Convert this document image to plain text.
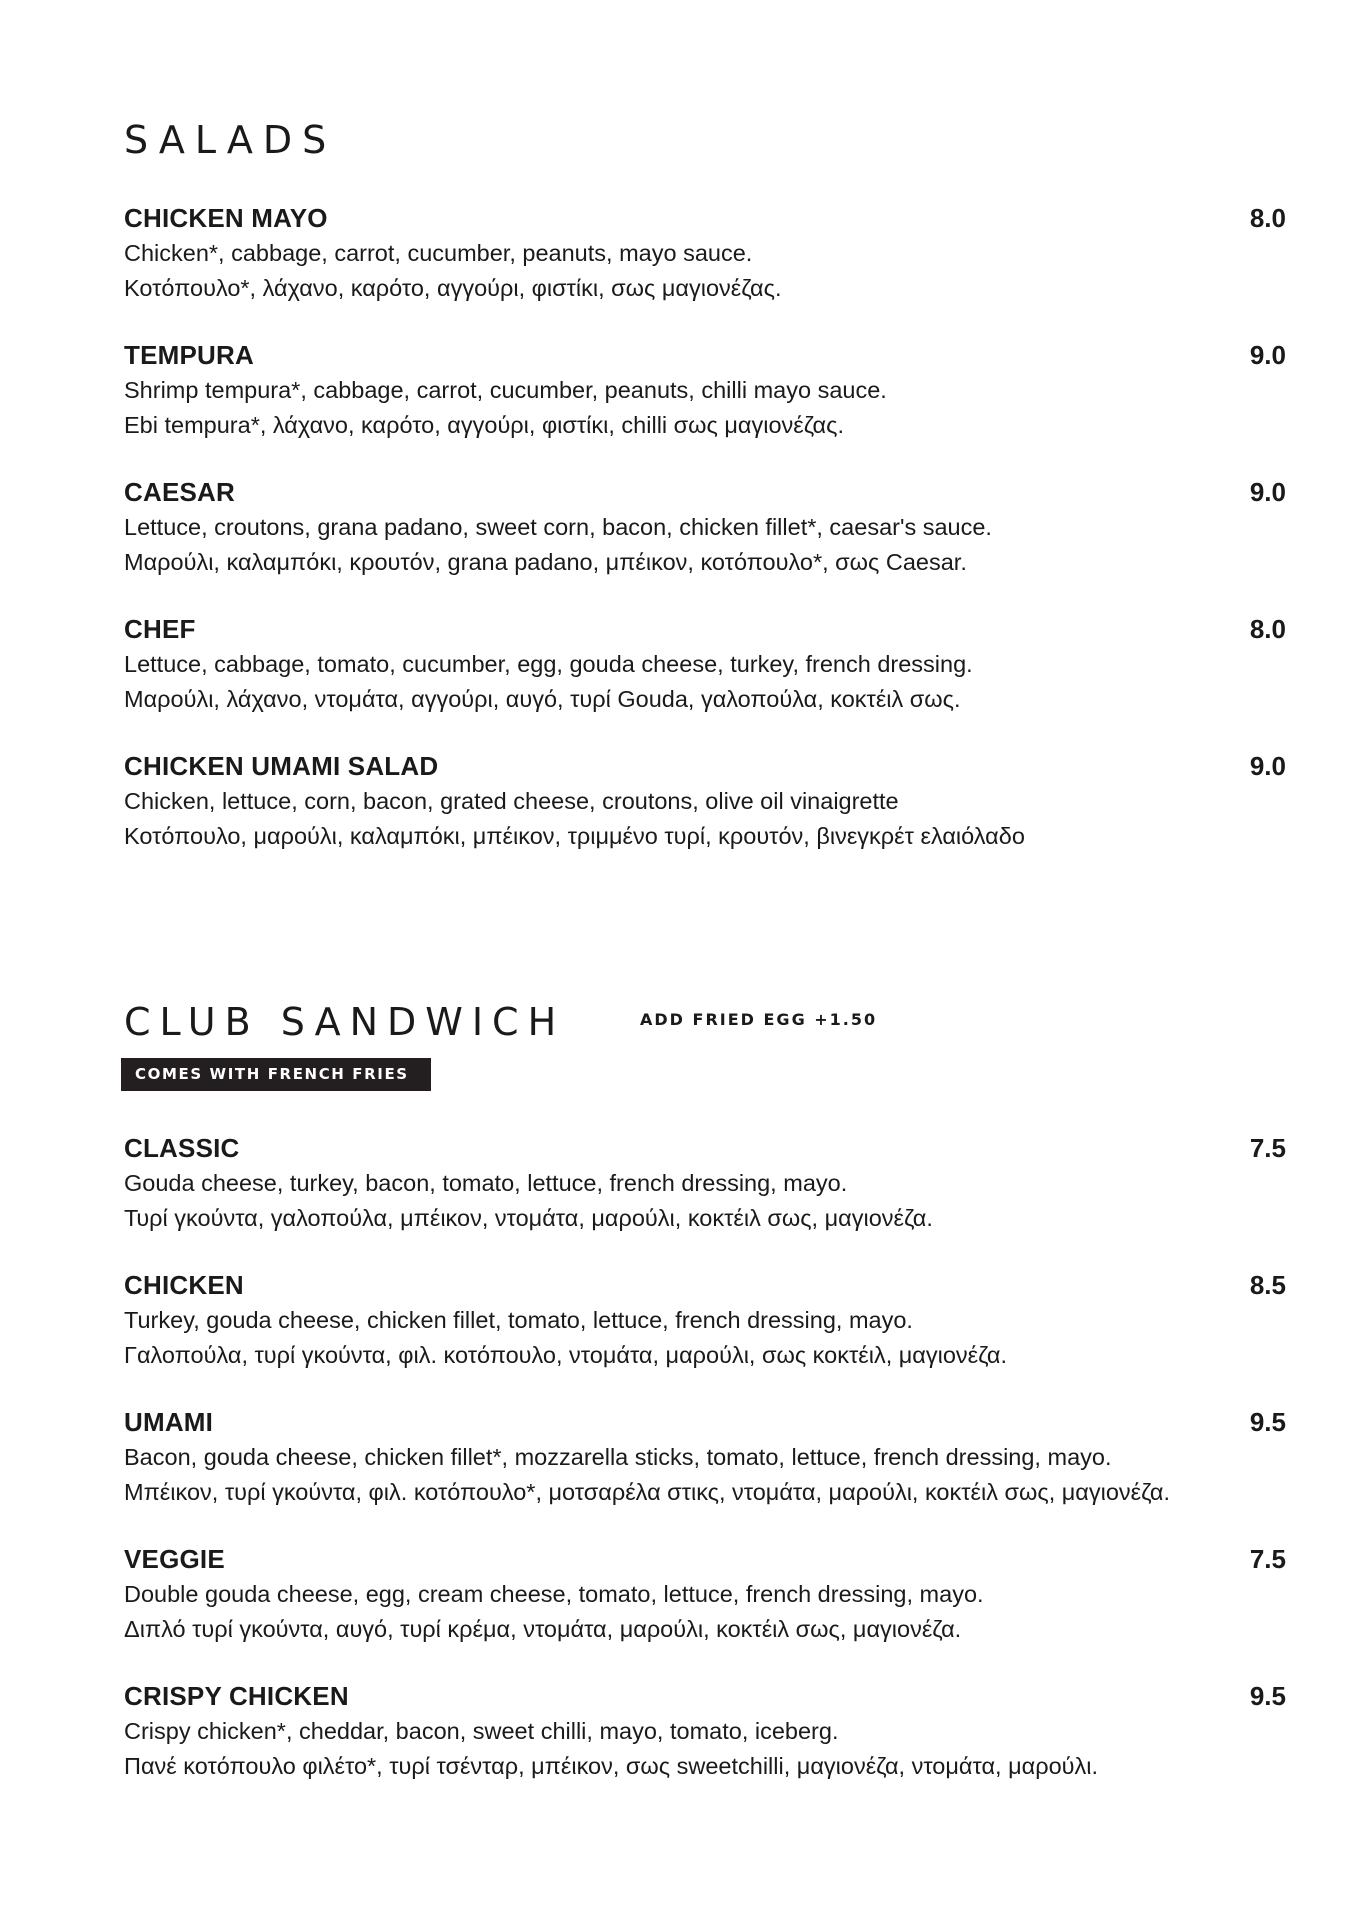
SALADS
CHICKEN MAYO	8.0
Chicken*, cabbage, carrot, cucumber, peanuts, mayo sauce.
Κοτόπουλο*, λάχανο, καρότο, αγγούρι, φιστίκι, σως μαγιονέζας.
TEMPURA	9.0
Shrimp tempura*, cabbage, carrot, cucumber, peanuts, chilli mayo sauce.
Ebi tempura*, λάχανο, καρότο, αγγούρι, φιστίκι, chilli σως μαγιονέζας.
CAESAR	9.0
Lettuce, croutons, grana padano, sweet corn, bacon, chicken fillet*, caesar's sauce.
Μαρούλι, καλαμπόκι, κρουτόν, grana padano, μπέικον, κοτόπουλο*, σως Caesar.
CHEF	8.0
Lettuce, cabbage, tomato, cucumber, egg, gouda cheese, turkey, french dressing.
Μαρούλι, λάχανο, ντομάτα, αγγούρι, αυγό, τυρί Gouda, γαλοπούλα, κοκτέιλ σως.
CHICKEN UMAMI SALAD	9.0
Chicken, lettuce, corn, bacon, grated cheese, croutons, olive oil vinaigrette
Κοτόπουλο, μαρούλι, καλαμπόκι, μπέικον, τριμμένο τυρί, κρουτόν, βινεγκρέτ ελαιόλαδο
CLUB SANDWICH	ADD FRIED EGG +1.50
COMES WITH FRENCH FRIES
CLASSIC	7.5
Gouda cheese, turkey, bacon, tomato, lettuce, french dressing, mayo.
Τυρί γκούντα, γαλοπούλα, μπέικον, ντομάτα, μαρούλι, κοκτέιλ σως, μαγιονέζα.
CHICKEN	8.5
Turkey, gouda cheese, chicken fillet, tomato, lettuce, french dressing, mayo.
Γαλοπούλα, τυρί γκούντα, φιλ. κοτόπουλο, ντομάτα, μαρούλι, σως κοκτέιλ, μαγιονέζα.
UMAMI	9.5
Bacon, gouda cheese, chicken fillet*, mozzarella sticks, tomato, lettuce, french dressing, mayo.
Μπέικον, τυρί γκούντα, φιλ. κοτόπουλο*, μοτσαρέλα στικς, ντομάτα, μαρούλι, κοκτέιλ σως, μαγιονέζα.
VEGGIE	7.5
Double gouda cheese, egg, cream cheese, tomato, lettuce, french dressing, mayo.
Διπλό τυρί γκούντα, αυγό, τυρί κρέμα, ντομάτα, μαρούλι, κοκτέιλ σως, μαγιονέζα.
CRISPY CHICKEN	9.5
Crispy chicken*, cheddar, bacon, sweet chilli, mayo, tomato, iceberg.
Πανέ κοτόπουλο φιλέτο*, τυρί τσένταρ, μπέικον, σως sweetchilli, μαγιονέζα, ντομάτα, μαρούλι.
